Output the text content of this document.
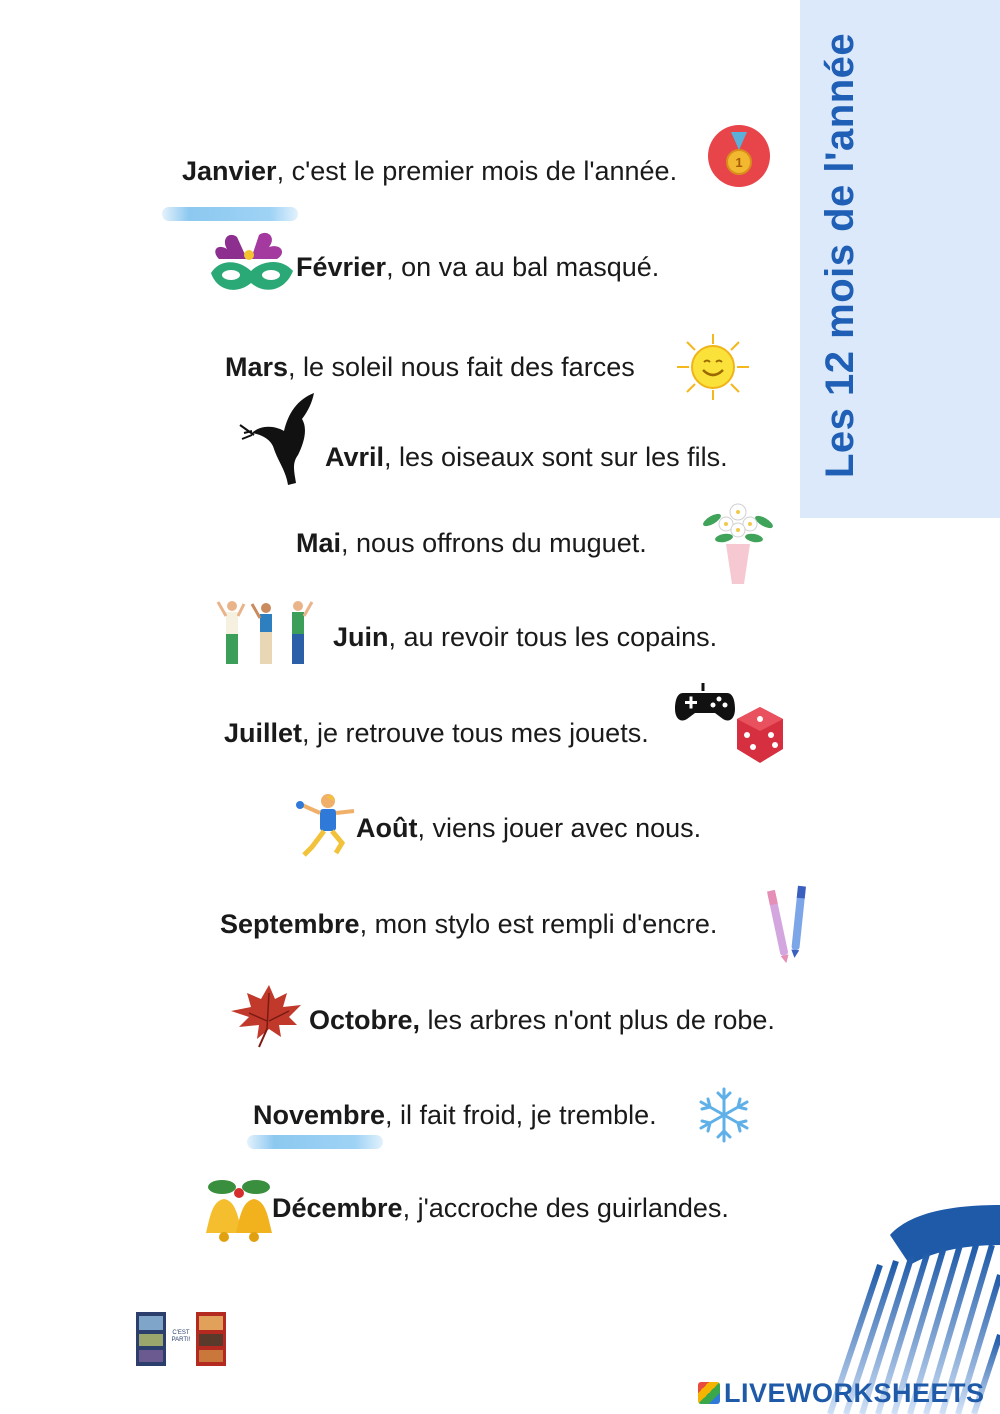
Les 12 mois de l'année
Janvier, c'est le premier mois de l'année.
Février, on va au bal masqué.
Mars, le soleil nous fait des farces
Avril, les oiseaux sont sur les fils.
Mai, nous offrons du muguet.
Juin, au revoir tous les copains.
Juillet, je retrouve tous mes jouets.
Août, viens jouer avec nous.
Septembre, mon stylo est rempli d'encre.
Octobre, les arbres n'ont plus de robe.
Novembre, il fait froid, je tremble.
Décembre, j'accroche des guirlandes.
1
C'EST PARTI!
LIVEWORKSHEETS
